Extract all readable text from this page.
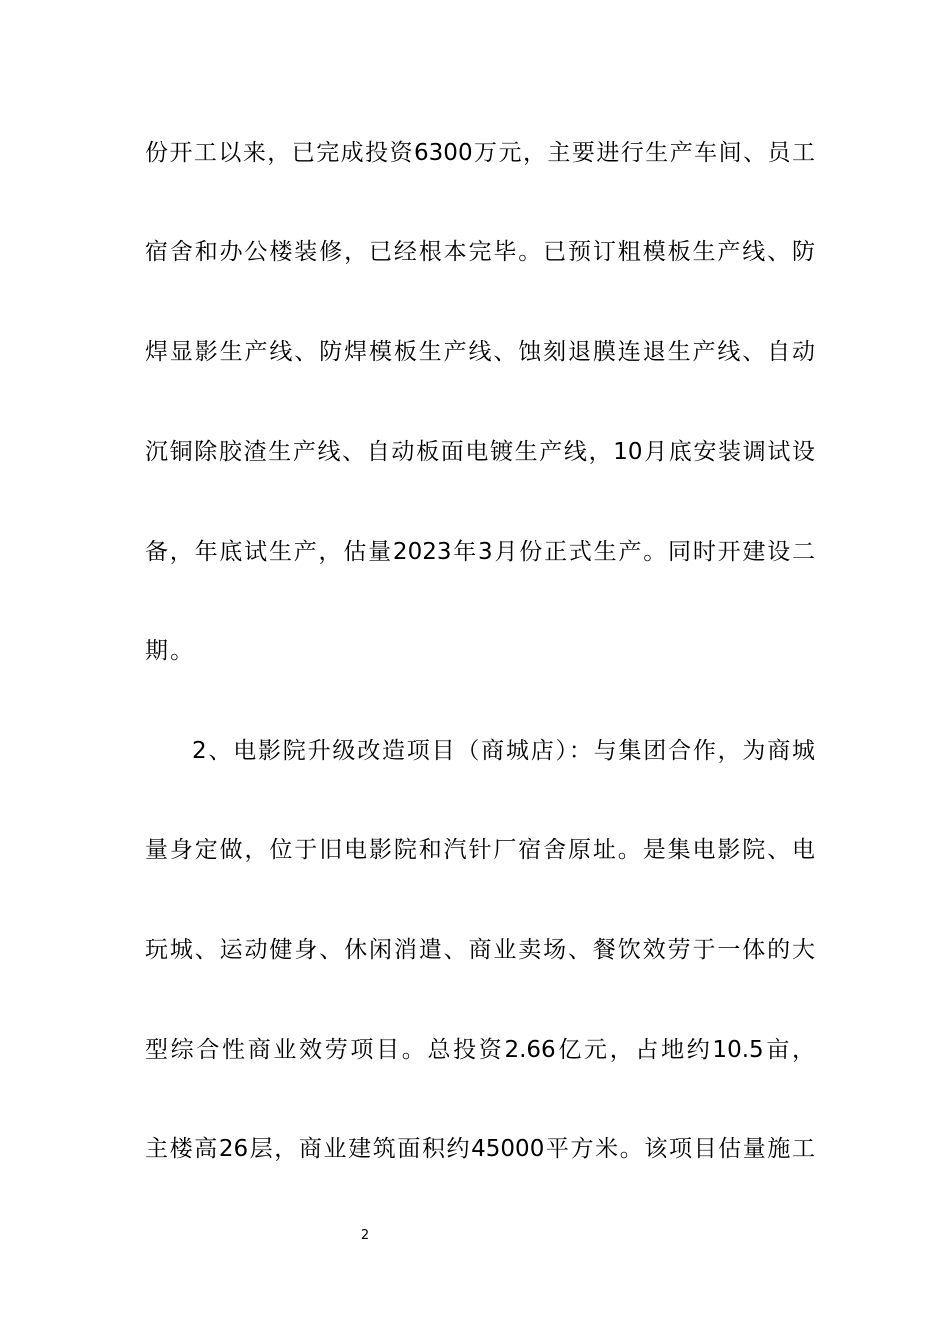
份开工以来，已完成投资6300万元，主要进行生产车间、员工
宿舍和办公楼装修，已经根本完毕。已预订粗模板生产线、防
焊显影生产线、防焊模板生产线、蚀刻退膜连退生产线、自动
沉铜除胶渣生产线、自动板面电镀生产线，10月底安装调试设
备，年底试生产，估量2023年3月份正式生产。同时开建设二
期。
2、电影院升级改造项目（商城店）：与集团合作，为商城
量身定做，位于旧电影院和汽针厂宿舍原址。是集电影院、电
玩城、运动健身、休闲消遣、商业卖场、餐饮效劳于一体的大
型综合性商业效劳项目。总投资2.66亿元，占地约10.5亩，
主楼高26层，商业建筑面积约45000平方米。该项目估量施工
2
